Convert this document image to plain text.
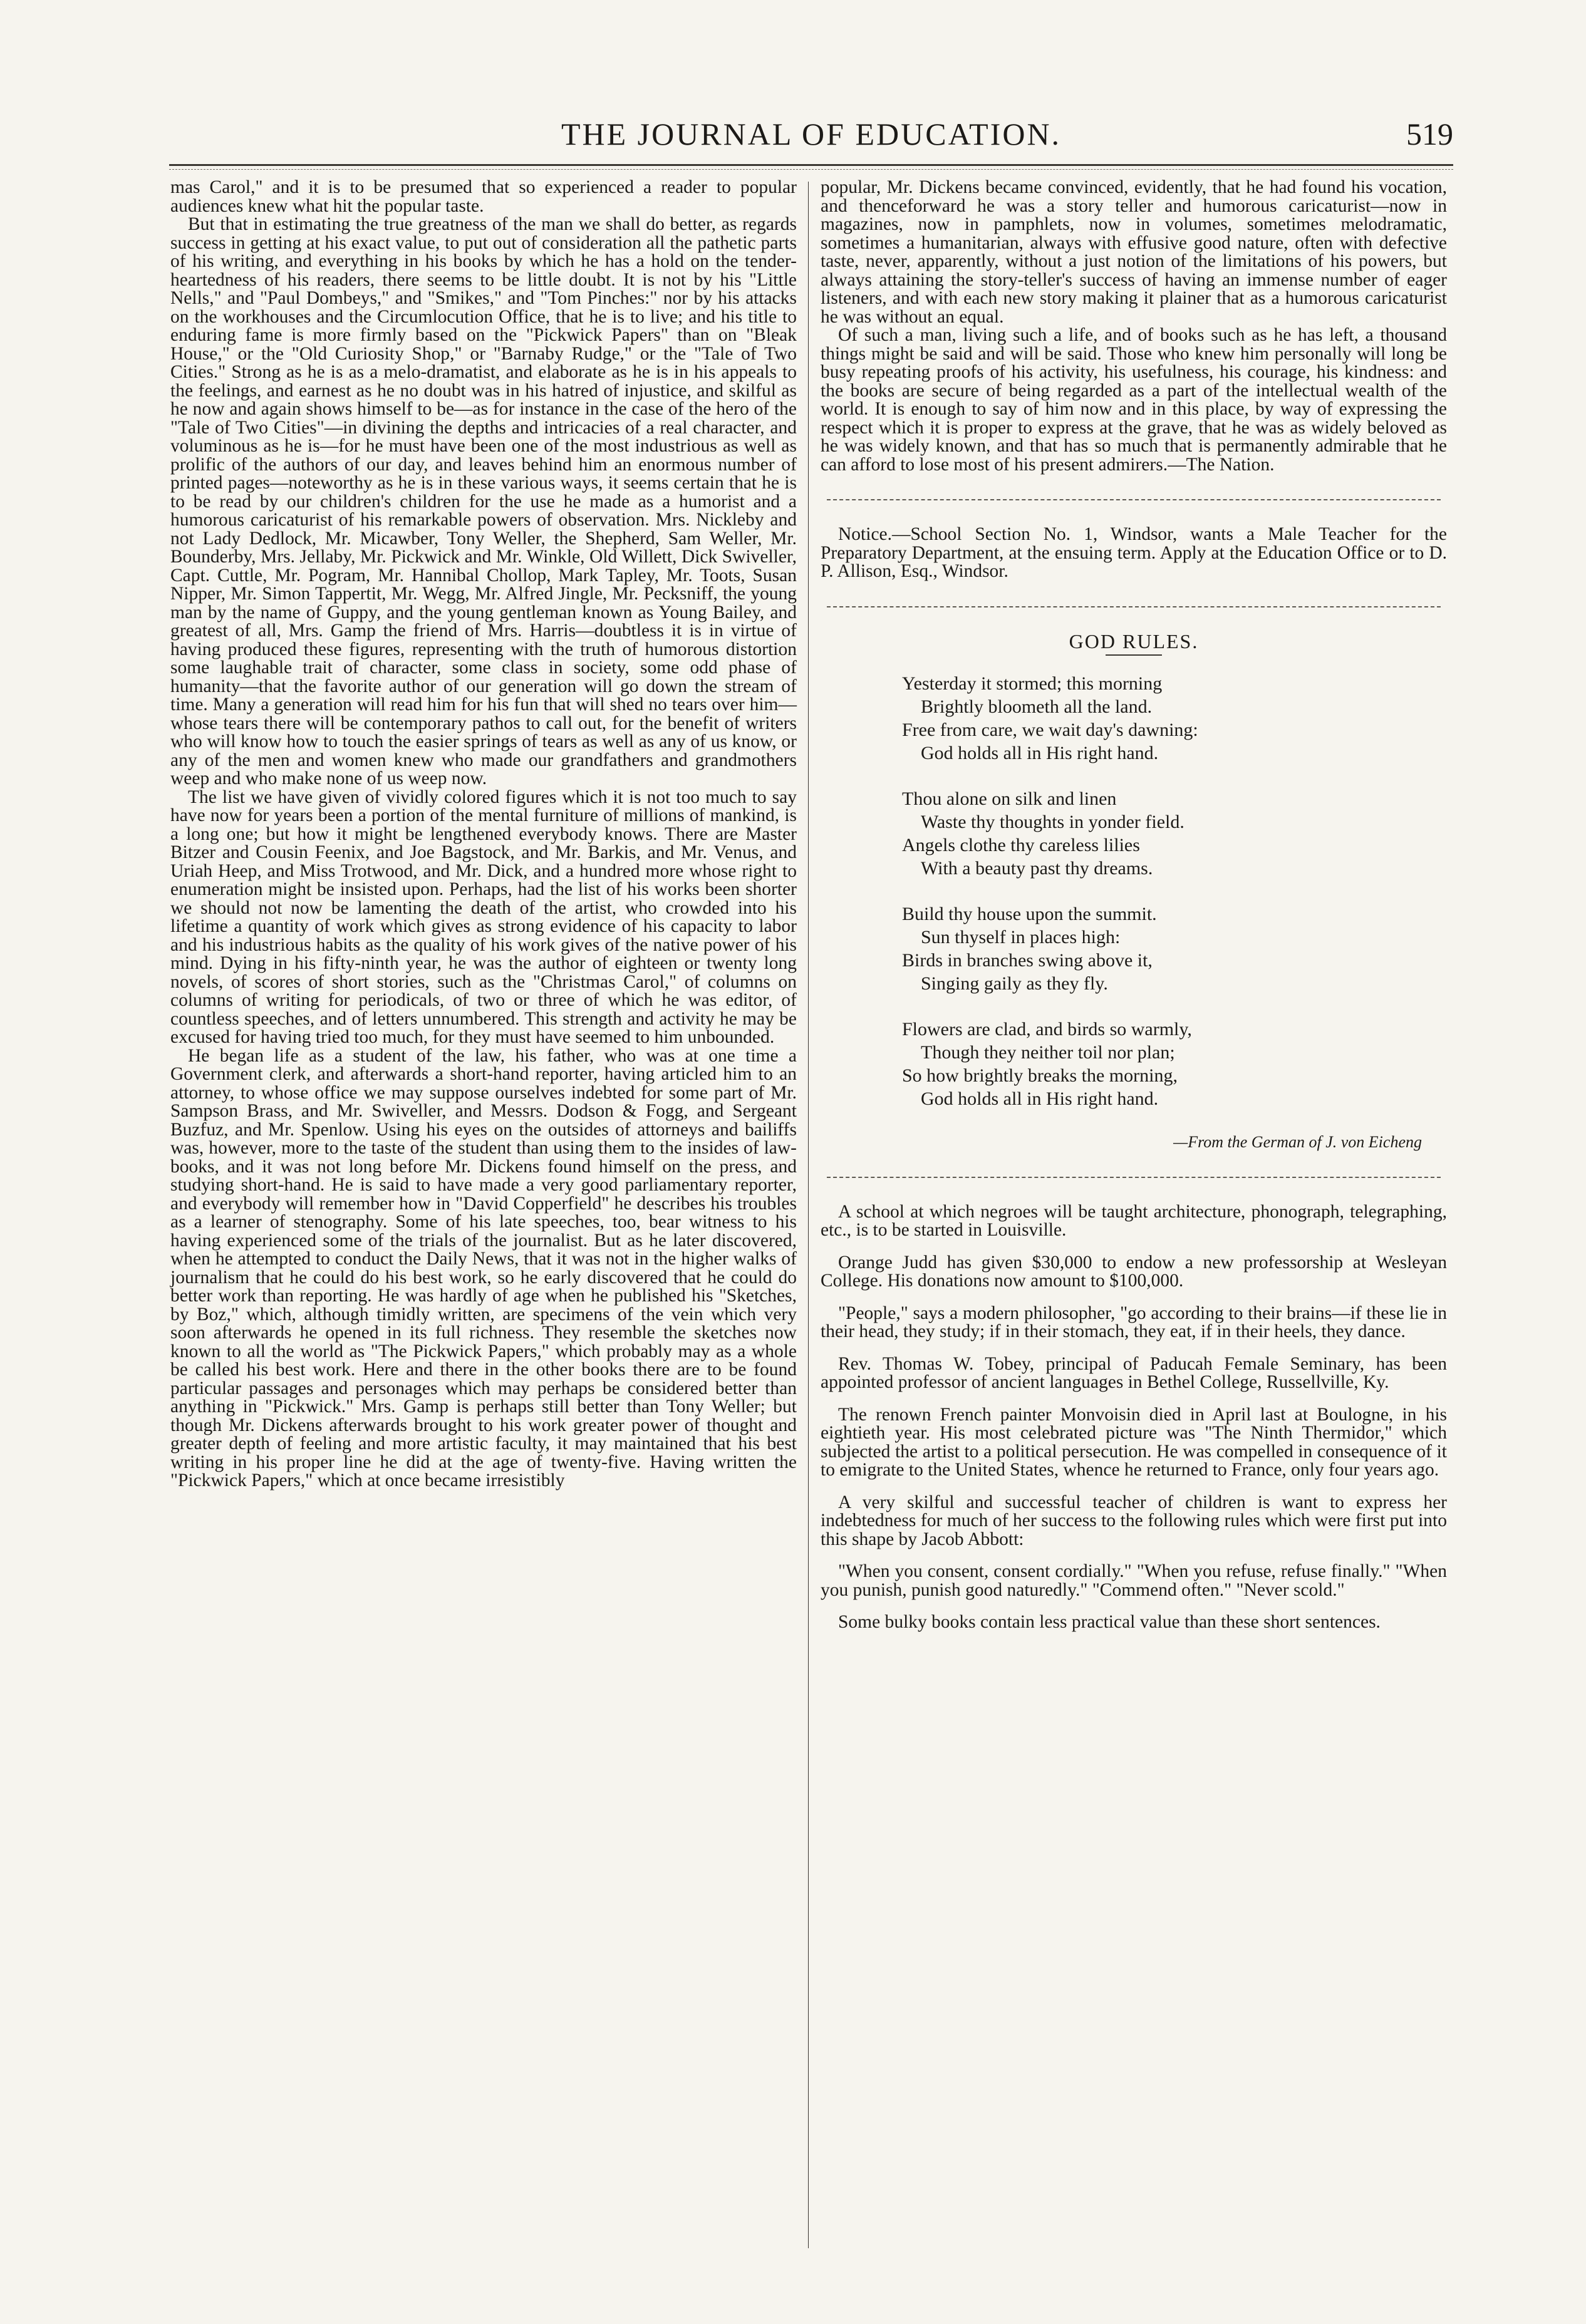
THE JOURNAL OF EDUCATION.	519

mas Carol," and it is to be presumed that so experienced a reader to popular audiences knew what hit the popular taste.

But that in estimating the true greatness of the man we shall do better, as regards success in getting at his exact value, to put out of consideration all the pathetic parts of his writing, and everything in his books by which he has a hold on the tender-heartedness of his readers, there seems to be little doubt. It is not by his "Little Nells," and "Paul Dombeys," and "Smikes," and "Tom Pinches:" nor by his attacks on the workhouses and the Circumlocution Office, that he is to live; and his title to enduring fame is more firmly based on the "Pickwick Papers" than on "Bleak House," or the "Old Curiosity Shop," or "Barnaby Rudge," or the "Tale of Two Cities." Strong as he is as a melo-dramatist, and elaborate as he is in his appeals to the feelings, and earnest as he no doubt was in his hatred of injustice, and skilful as he now and again shows himself to be—as for instance in the case of the hero of the "Tale of Two Cities"—in divining the depths and intricacies of a real character, and voluminous as he is—for he must have been one of the most industrious as well as prolific of the authors of our day, and leaves behind him an enormous number of printed pages—noteworthy as he is in these various ways, it seems certain that he is to be read by our children's children for the use he made as a humorist and a humorous caricaturist of his remarkable powers of observation. Mrs. Nickleby and not Lady Dedlock, Mr. Micawber, Tony Weller, the Shepherd, Sam Weller, Mr. Bounderby, Mrs. Jellaby, Mr. Pickwick and Mr. Winkle, Old Willett, Dick Swiveller, Capt. Cuttle, Mr. Pogram, Mr. Hannibal Chollop, Mark Tapley, Mr. Toots, Susan Nipper, Mr. Simon Tappertit, Mr. Wegg, Mr. Alfred Jingle, Mr. Pecksniff, the young man by the name of Guppy, and the young gentleman known as Young Bailey, and greatest of all, Mrs. Gamp the friend of Mrs. Harris—doubtless it is in virtue of having produced these figures, representing with the truth of humorous distortion some laughable trait of character, some class in society, some odd phase of humanity—that the favorite author of our generation will go down the stream of time. Many a generation will read him for his fun that will shed no tears over him—whose tears there will be contemporary pathos to call out, for the benefit of writers who will know how to touch the easier springs of tears as well as any of us know, or any of the men and women knew who made our grandfathers and grandmothers weep and who make none of us weep now.

The list we have given of vividly colored figures which it is not too much to say have now for years been a portion of the mental furniture of millions of mankind, is a long one; but how it might be lengthened everybody knows. There are Master Bitzer and Cousin Feenix, and Joe Bagstock, and Mr. Barkis, and Mr. Venus, and Uriah Heep, and Miss Trotwood, and Mr. Dick, and a hundred more whose right to enumeration might be insisted upon. Perhaps, had the list of his works been shorter we should not now be lamenting the death of the artist, who crowded into his lifetime a quantity of work which gives as strong evidence of his capacity to labor and his industrious habits as the quality of his work gives of the native power of his mind. Dying in his fifty-ninth year, he was the author of eighteen or twenty long novels, of scores of short stories, such as the "Christmas Carol," of columns on columns of writing for periodicals, of two or three of which he was editor, of countless speeches, and of letters unnumbered. This strength and activity he may be excused for having tried too much, for they must have seemed to him unbounded.

He began life as a student of the law, his father, who was at one time a Government clerk, and afterwards a short-hand reporter, having articled him to an attorney, to whose office we may suppose ourselves indebted for some part of Mr. Sampson Brass, and Mr. Swiveller, and Messrs. Dodson & Fogg, and Sergeant Buzfuz, and Mr. Spenlow. Using his eyes on the outsides of attorneys and bailiffs was, however, more to the taste of the student than using them to the insides of law-books, and it was not long before Mr. Dickens found himself on the press, and studying short-hand. He is said to have made a very good parliamentary reporter, and everybody will remember how in "David Copperfield" he describes his troubles as a learner of stenography. Some of his late speeches, too, bear witness to his having experienced some of the trials of the journalist. But as he later discovered, when he attempted to conduct the Daily News, that it was not in the higher walks of journalism that he could do his best work, so he early discovered that he could do better work than reporting. He was hardly of age when he published his "Sketches, by Boz," which, although timidly written, are specimens of the vein which very soon afterwards he opened in its full richness. They resemble the sketches now known to all the world as "The Pickwick Papers," which probably may as a whole be called his best work. Here and there in the other books there are to be found particular passages and personages which may perhaps be considered better than anything in "Pickwick." Mrs. Gamp is perhaps still better than Tony Weller; but though Mr. Dickens afterwards brought to his work greater power of thought and greater depth of feeling and more artistic faculty, it may maintained that his best writing in his proper line he did at the age of twenty-five. Having written the "Pickwick Papers," which at once became irresistibly

popular, Mr. Dickens became convinced, evidently, that he had found his vocation, and thenceforward he was a story teller and humorous caricaturist—now in magazines, now in pamphlets, now in volumes, sometimes melodramatic, sometimes a humanitarian, always with effusive good nature, often with defective taste, never, apparently, without a just notion of the limitations of his powers, but always attaining the story-teller's success of having an immense number of eager listeners, and with each new story making it plainer that as a humorous caricaturist he was without an equal.

Of such a man, living such a life, and of books such as he has left, a thousand things might be said and will be said. Those who knew him personally will long be busy repeating proofs of his activity, his usefulness, his courage, his kindness: and the books are secure of being regarded as a part of the intellectual wealth of the world. It is enough to say of him now and in this place, by way of expressing the respect which it is proper to express at the grave, that he was as widely beloved as he was widely known, and that has so much that is permanently admirable that he can afford to lose most of his present admirers.—The Nation.

Notice.—School Section No. 1, Windsor, wants a Male Teacher for the Preparatory Department, at the ensuing term. Apply at the Education Office or to D. P. Allison, Esq., Windsor.

GOD RULES.
Yesterday it stormed; this morning
Brightly bloometh all the land.
Free from care, we wait day's dawning:
God holds all in His right hand.
Thou alone on silk and linen
Waste thy thoughts in yonder field.
Angels clothe thy careless lilies
With a beauty past thy dreams.
Build thy house upon the summit.
Sun thyself in places high:
Birds in branches swing above it,
Singing gaily as they fly.
Flowers are clad, and birds so warmly,
Though they neither toil nor plan;
So how brightly breaks the morning,
God holds all in His right hand.
—From the German of J. von Eicheng

A school at which negroes will be taught architecture, phonograph, telegraphing, etc., is to be started in Louisville.

Orange Judd has given $30,000 to endow a new professorship at Wesleyan College. His donations now amount to $100,000.

"People," says a modern philosopher, "go according to their brains—if these lie in their head, they study; if in their stomach, they eat, if in their heels, they dance.

Rev. Thomas W. Tobey, principal of Paducah Female Seminary, has been appointed professor of ancient languages in Bethel College, Russellville, Ky.

The renown French painter Monvoisin died in April last at Boulogne, in his eightieth year. His most celebrated picture was "The Ninth Thermidor," which subjected the artist to a political persecution. He was compelled in consequence of it to emigrate to the United States, whence he returned to France, only four years ago.

A very skilful and successful teacher of children is want to express her indebtedness for much of her success to the following rules which were first put into this shape by Jacob Abbott:

"When you consent, consent cordially." "When you refuse, refuse finally." "When you punish, punish good naturedly." "Commend often." "Never scold."

Some bulky books contain less practical value than these short sentences.
